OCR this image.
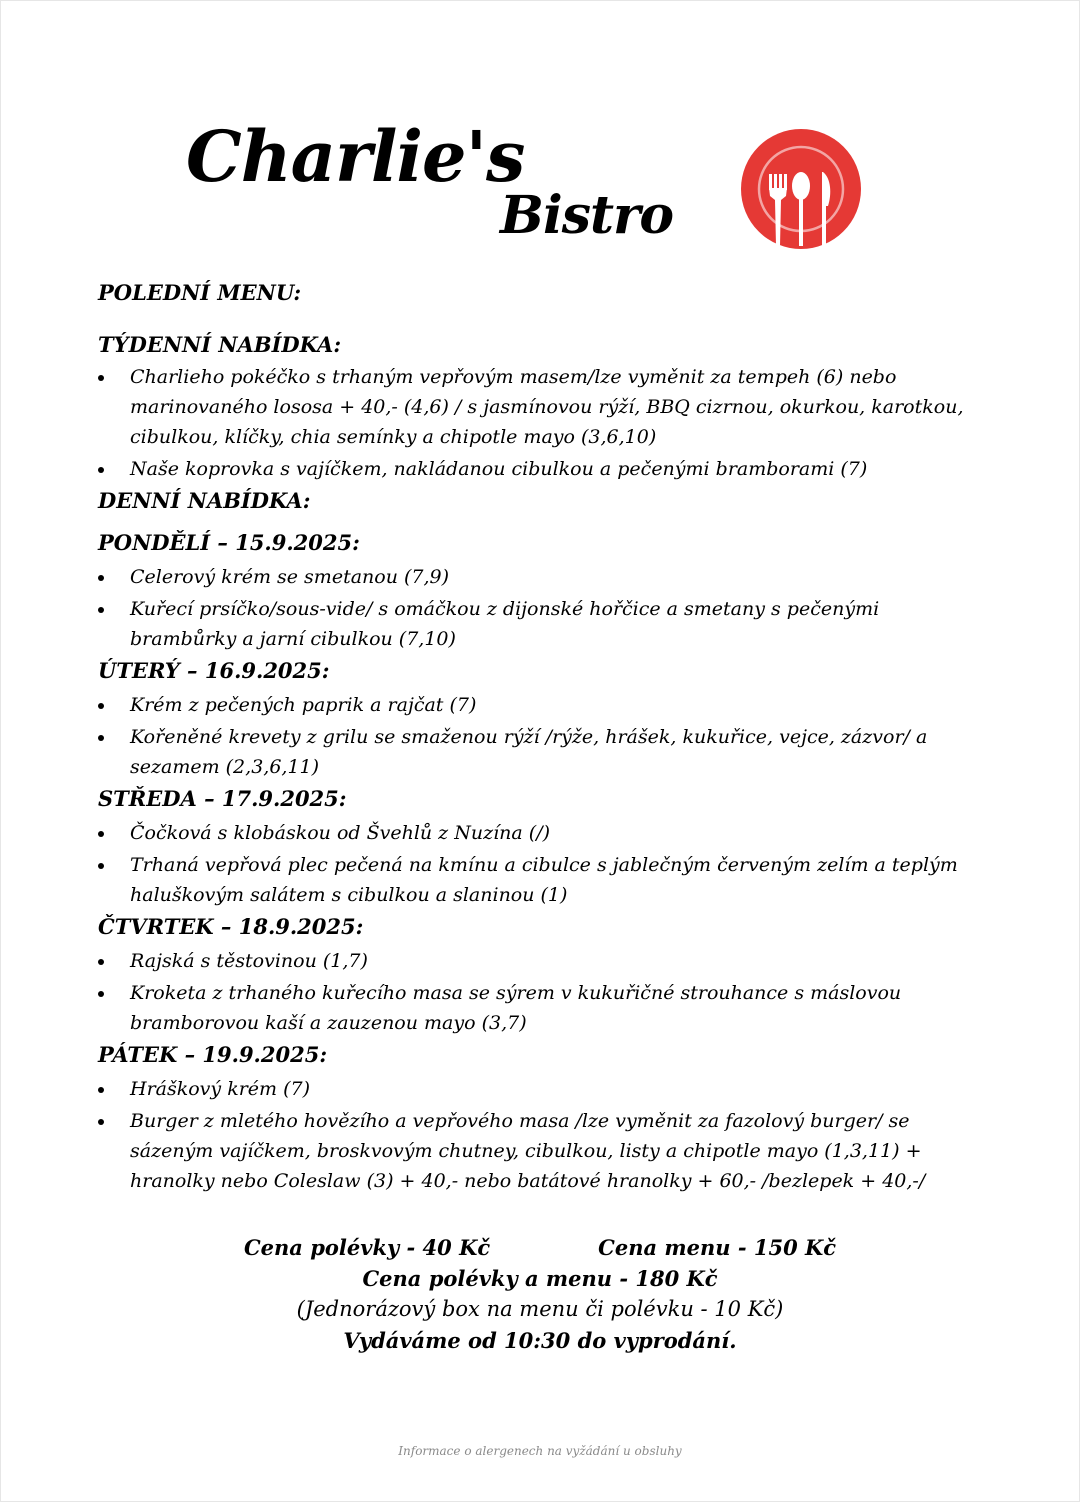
Charlie's
Bistro
POLEDNÍ MENU:
TÝDENNÍ NABÍDKA:
Charlieho pokéčko s trhaným vepřovým masem/lze vyměnit za tempeh (6) nebo marinovaného lososa + 40,- (4,6) / s jasmínovou rýží, BBQ cizrnou, okurkou, karotkou, cibulkou, klíčky, chia semínky a chipotle mayo (3,6,10)
Naše koprovka s vajíčkem, nakládanou cibulkou a pečenými bramborami (7)
DENNÍ NABÍDKA:
PONDĚLÍ – 15.9.2025:
Celerový krém se smetanou (7,9)
Kuřecí prsíčko/sous-vide/ s omáčkou z dijonské hořčice a smetany s pečenými brambůrky a jarní cibulkou (7,10)
ÚTERÝ – 16.9.2025:
Krém z pečených paprik a rajčat (7)
Kořeněné krevety z grilu se smaženou rýží /rýže, hrášek, kukuřice, vejce, zázvor/ a sezamem (2,3,6,11)
STŘEDA – 17.9.2025:
Čočková s klobáskou od Švehlů z Nuzína (/)
Trhaná vepřová plec pečená na kmínu a cibulce s jablečným červeným zelím a teplým haluškovým salátem s cibulkou a slaninou (1)
ČTVRTEK – 18.9.2025:
Rajská s těstovinou (1,7)
Kroketa z trhaného kuřecího masa se sýrem v kukuřičné strouhance s máslovou bramborovou kaší a zauzenou mayo (3,7)
PÁTEK – 19.9.2025:
Hráškový krém (7)
Burger z mletého hovězího a vepřového masa /lze vyměnit za fazolový burger/ se sázeným vajíčkem, broskvovým chutney, cibulkou, listy a chipotle mayo (1,3,11) + hranolky nebo Coleslaw (3) + 40,- nebo batátové hranolky + 60,- /bezlepek + 40,-/
Cena polévky - 40 Kč	Cena menu - 150 Kč
Cena polévky a menu - 180 Kč
(Jednorázový box na menu či polévku - 10 Kč)
Vydáváme od 10:30 do vyprodání.
Informace o alergenech na vyžádání u obsluhy
